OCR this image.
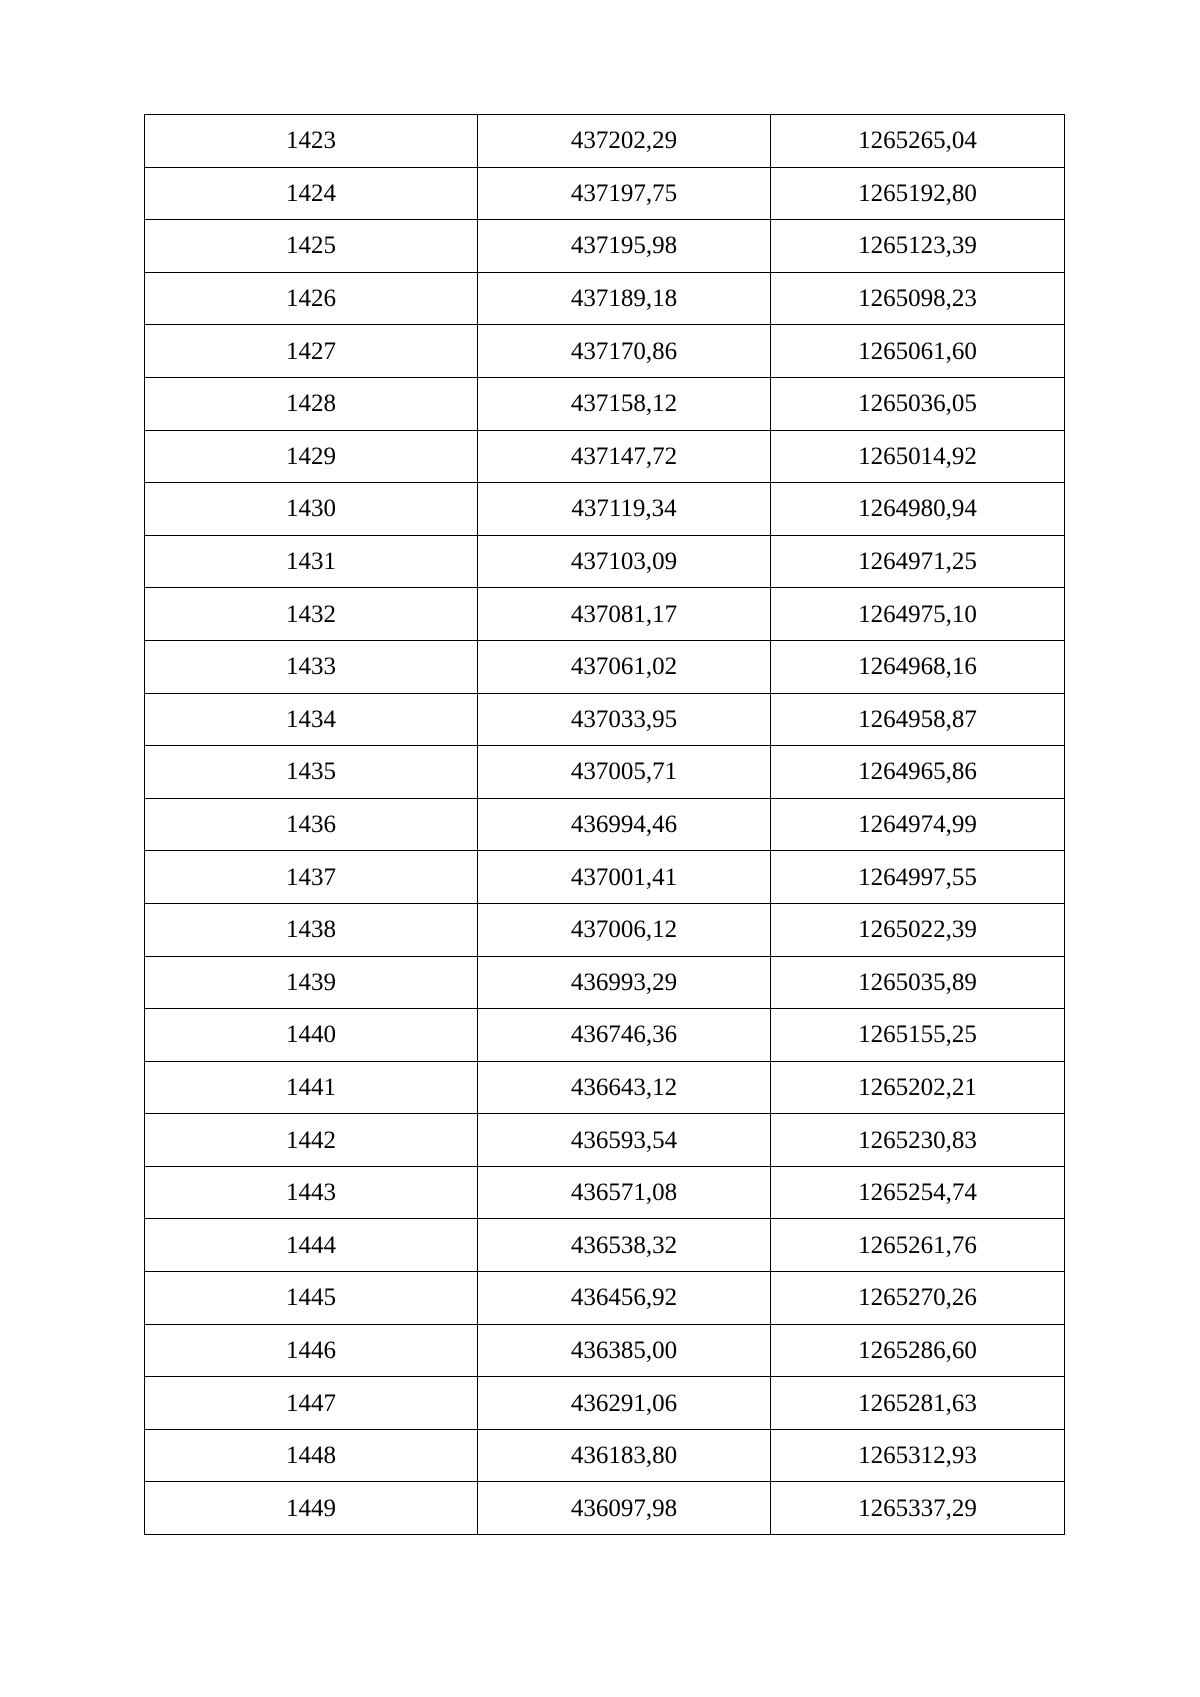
1423	437202,29	1265265,04
1424	437197,75	1265192,80
1425	437195,98	1265123,39
1426	437189,18	1265098,23
1427	437170,86	1265061,60
1428	437158,12	1265036,05
1429	437147,72	1265014,92
1430	437119,34	1264980,94
1431	437103,09	1264971,25
1432	437081,17	1264975,10
1433	437061,02	1264968,16
1434	437033,95	1264958,87
1435	437005,71	1264965,86
1436	436994,46	1264974,99
1437	437001,41	1264997,55
1438	437006,12	1265022,39
1439	436993,29	1265035,89
1440	436746,36	1265155,25
1441	436643,12	1265202,21
1442	436593,54	1265230,83
1443	436571,08	1265254,74
1444	436538,32	1265261,76
1445	436456,92	1265270,26
1446	436385,00	1265286,60
1447	436291,06	1265281,63
1448	436183,80	1265312,93
1449	436097,98	1265337,29
